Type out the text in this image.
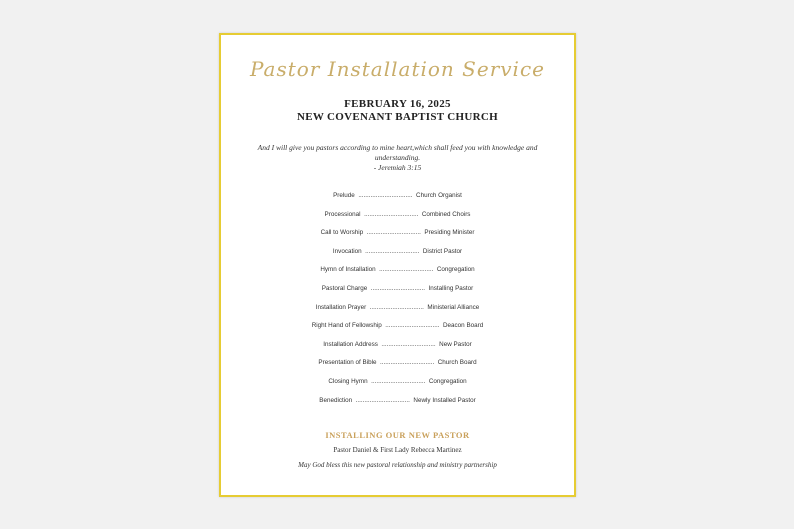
Pastor Installation Service
FEBRUARY 16, 2025
NEW COVENANT BAPTIST CHURCH
And I will give you pastors according to mine heart,which shall feed you with knowledge and understanding.
- Jeremiah 3:15
Prelude ............................... Church Organist
Processional ............................... Combined Choirs
Call to Worship ............................... Presiding Minister
Invocation ............................... District Pastor
Hymn of Installation ............................... Congregation
Pastoral Charge ............................... Installing Pastor
Installation Prayer ............................... Ministerial Alliance
Right Hand of Fellowship ............................... Deacon Board
Installation Address ............................... New Pastor
Presentation of Bible ............................... Church Board
Closing Hymn ............................... Congregation
Benediction ............................... Newly Installed Pastor
INSTALLING OUR NEW PASTOR
Pastor Daniel & First Lady Rebecca Martinez
May God bless this new pastoral relationship and ministry partnership
